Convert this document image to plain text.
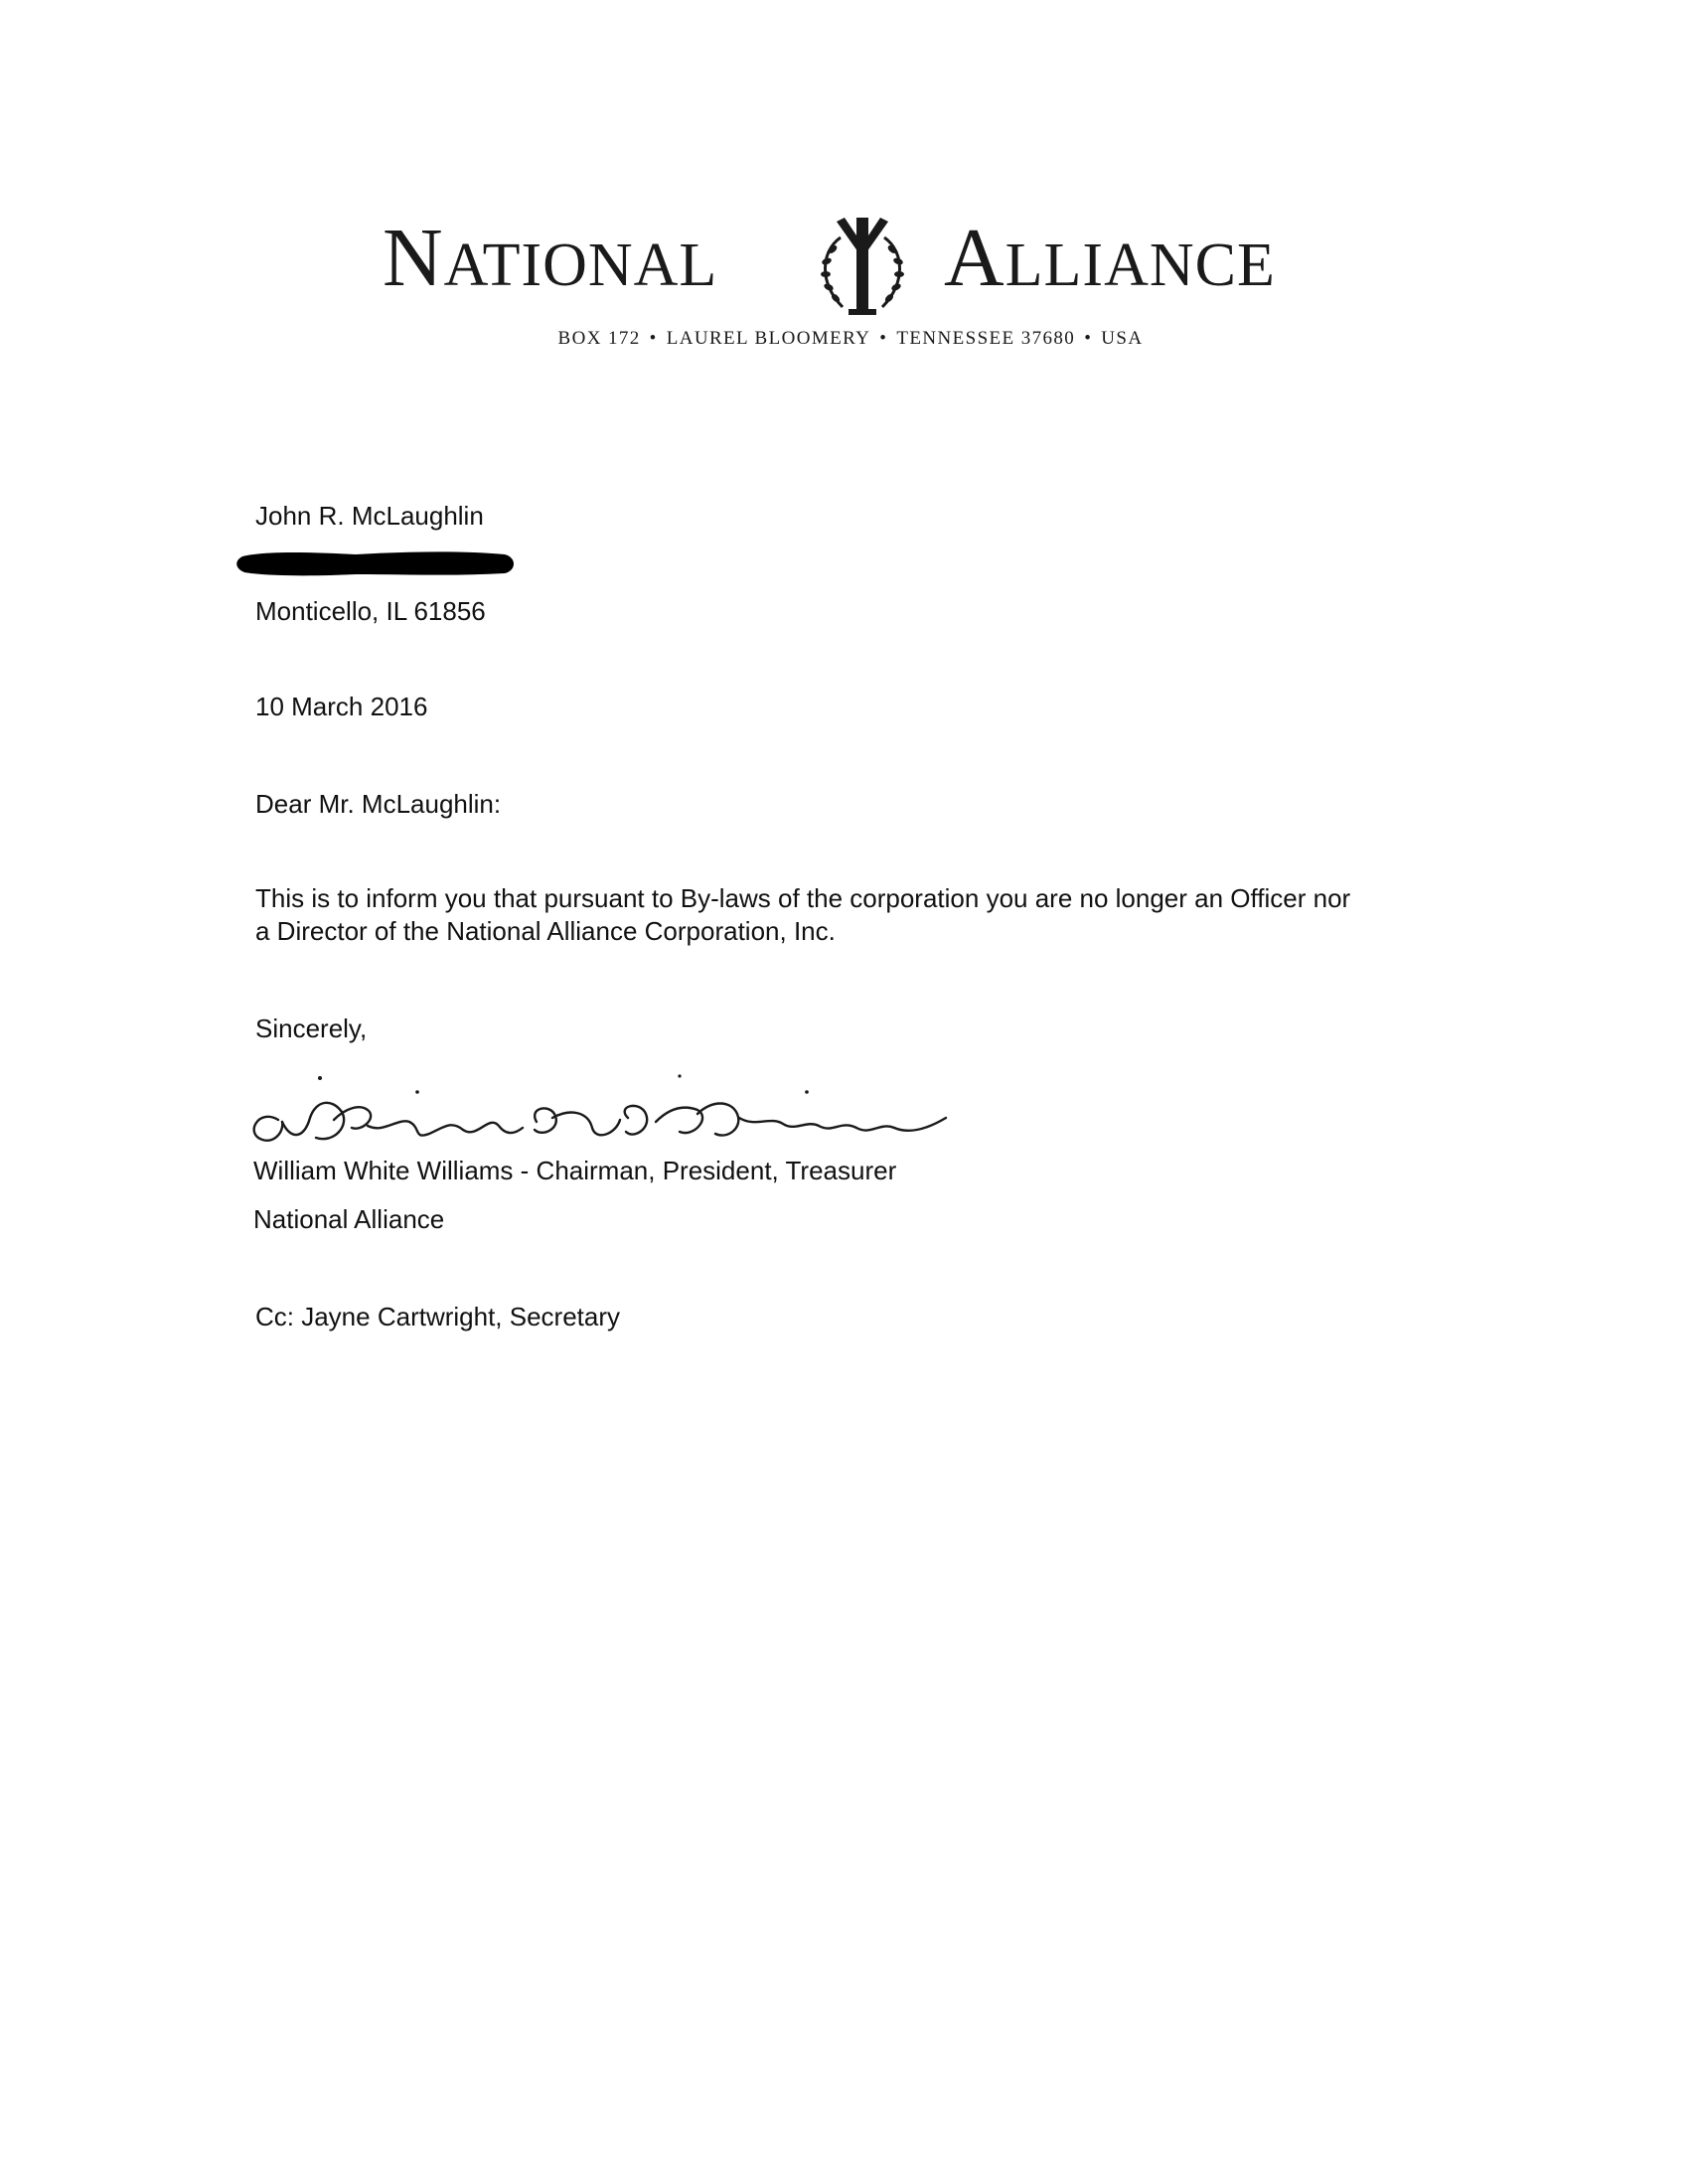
NATIONAL	ALLIANCE
BOX 172 • LAUREL BLOOMERY • TENNESSEE 37680 • USA
John R. McLaughlin
Monticello, IL 61856
10 March 2016
Dear Mr. McLaughlin:
This is to inform you that pursuant to By-laws of the corporation you are no longer an Officer nor
a Director of the National Alliance Corporation, Inc.
Sincerely,
William White Williams - Chairman, President, Treasurer
National Alliance
Cc: Jayne Cartwright, Secretary
